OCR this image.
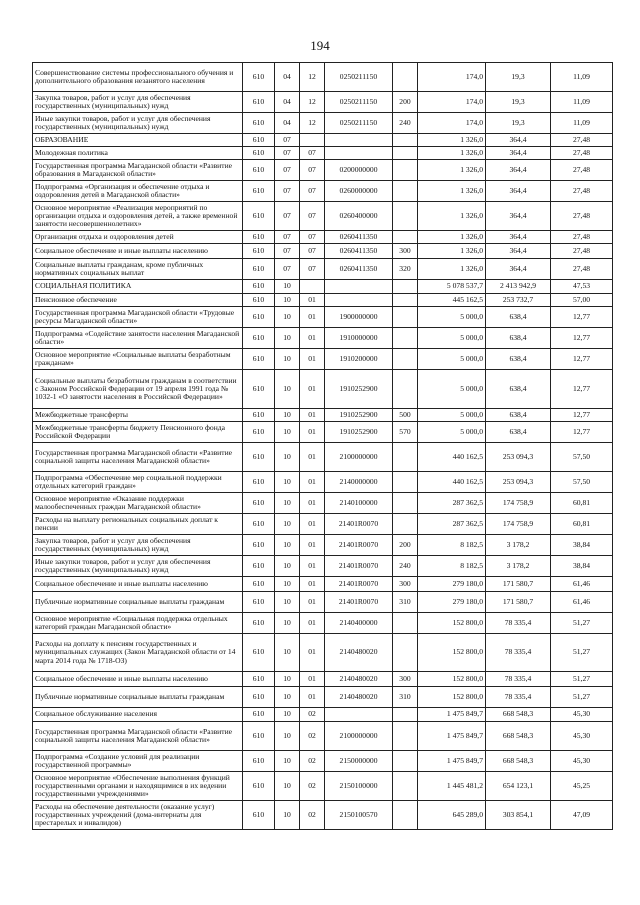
194
Совершенствование системы профессионального обучения и дополнительного образования незанятого населения	610	04	12	0250211150		174,0	19,3	11,09
Закупка товаров, работ и услуг для обеспечения государственных (муниципальных) нужд	610	04	12	0250211150	200	174,0	19,3	11,09
Иные закупки товаров, работ и услуг для обеспечения государственных (муниципальных) нужд	610	04	12	0250211150	240	174,0	19,3	11,09
ОБРАЗОВАНИЕ	610	07				1 326,0	364,4	27,48
Молодежная политика	610	07	07			1 326,0	364,4	27,48
Государственная программа Магаданской области «Развитие образования в Магаданской области»	610	07	07	0200000000		1 326,0	364,4	27,48
Подпрограмма «Организация и обеспечение отдыха и оздоровления детей в Магаданской области»	610	07	07	0260000000		1 326,0	364,4	27,48
Основное мероприятие «Реализация мероприятий по организации отдыха и оздоровления детей, а также временной занятости несовершеннолетних»	610	07	07	0260400000		1 326,0	364,4	27,48
Организация отдыха и оздоровления детей	610	07	07	0260411350		1 326,0	364,4	27,48
Социальное обеспечение и иные выплаты населению	610	07	07	0260411350	300	1 326,0	364,4	27,48
Социальные выплаты гражданам, кроме публичных нормативных социальных выплат	610	07	07	0260411350	320	1 326,0	364,4	27,48
СОЦИАЛЬНАЯ ПОЛИТИКА	610	10				5 078 537,7	2 413 942,9	47,53
Пенсионное обеспечение	610	10	01			445 162,5	253 732,7	57,00
Государственная программа Магаданской области «Трудовые ресурсы Магаданской области»	610	10	01	1900000000		5 000,0	638,4	12,77
Подпрограмма «Содействие занятости населения Магаданской области»	610	10	01	1910000000		5 000,0	638,4	12,77
Основное мероприятие «Социальные выплаты безработным гражданам»	610	10	01	1910200000		5 000,0	638,4	12,77
Социальные выплаты безработным гражданам в соответствии с Законом Российской Федерации от 19 апреля 1991 года № 1032-1 «О занятости населения в Российской Федерации»	610	10	01	1910252900		5 000,0	638,4	12,77
Межбюджетные трансферты	610	10	01	1910252900	500	5 000,0	638,4	12,77
Межбюджетные трансферты бюджету Пенсионного фонда Российской Федерации	610	10	01	1910252900	570	5 000,0	638,4	12,77
Государственная программа Магаданской области «Развитие социальной защиты населения Магаданской области»	610	10	01	2100000000		440 162,5	253 094,3	57,50
Подпрограмма «Обеспечение мер социальной поддержки отдельных категорий граждан»	610	10	01	2140000000		440 162,5	253 094,3	57,50
Основное мероприятие «Оказание поддержки малообеспеченных граждан Магаданской области»	610	10	01	2140100000		287 362,5	174 758,9	60,81
Расходы на выплату региональных социальных доплат к пенсии	610	10	01	21401R0070		287 362,5	174 758,9	60,81
Закупка товаров, работ и услуг для обеспечения государственных (муниципальных) нужд	610	10	01	21401R0070	200	8 182,5	3 178,2	38,84
Иные закупки товаров, работ и услуг для обеспечения государственных (муниципальных) нужд	610	10	01	21401R0070	240	8 182,5	3 178,2	38,84
Социальное обеспечение и иные выплаты населению	610	10	01	21401R0070	300	279 180,0	171 580,7	61,46
Публичные нормативные социальные выплаты гражданам	610	10	01	21401R0070	310	279 180,0	171 580,7	61,46
Основное мероприятие «Социальная поддержка отдельных категорий граждан Магаданской области»	610	10	01	2140400000		152 800,0	78 335,4	51,27
Расходы на доплату к пенсиям государственных и муниципальных служащих (Закон Магаданской области от 14 марта 2014 года № 1718-ОЗ)	610	10	01	2140480020		152 800,0	78 335,4	51,27
Социальное обеспечение и иные выплаты населению	610	10	01	2140480020	300	152 800,0	78 335,4	51,27
Публичные нормативные социальные выплаты гражданам	610	10	01	2140480020	310	152 800,0	78 335,4	51,27
Социальное обслуживание населения	610	10	02			1 475 849,7	668 548,3	45,30
Государственная программа Магаданской области «Развитие социальной защиты населения Магаданской области»	610	10	02	2100000000		1 475 849,7	668 548,3	45,30
Подпрограмма «Создание условий для реализации государственной программы»	610	10	02	2150000000		1 475 849,7	668 548,3	45,30
Основное мероприятие «Обеспечение выполнения функций государственными органами и находящимися в их ведении государственными учреждениями»	610	10	02	2150100000		1 445 481,2	654 123,1	45,25
Расходы на обеспечение деятельности (оказание услуг) государственных учреждений (дома-интернаты для престарелых и инвалидов)	610	10	02	2150100570		645 289,0	303 854,1	47,09
